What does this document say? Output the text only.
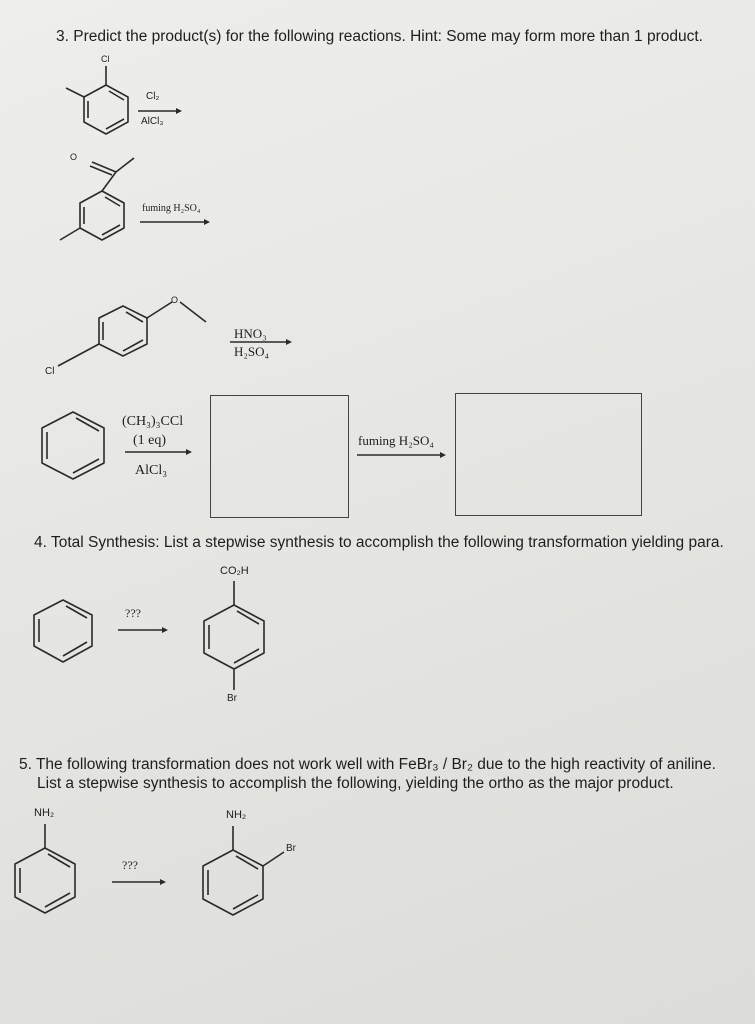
3. Predict the product(s) for the following reactions. Hint: Some may form more than 1 product.
Cl
Cl₂
AlCl₃
O
fuming H₂SO₄
O
Cl
HNO₃
H₂SO₄
(CH₃)₃CCl
(1 eq)
AlCl₃
fuming H₂SO₄
4. Total Synthesis: List a stepwise synthesis to accomplish the following transformation yielding para.
CO₂H
???
Br
5. The following transformation does not work well with FeBr₃ / Br₂ due to the high reactivity of aniline.
List a stepwise synthesis to accomplish the following, yielding the ortho as the major product.
NH₂	NH₂
Br
???
